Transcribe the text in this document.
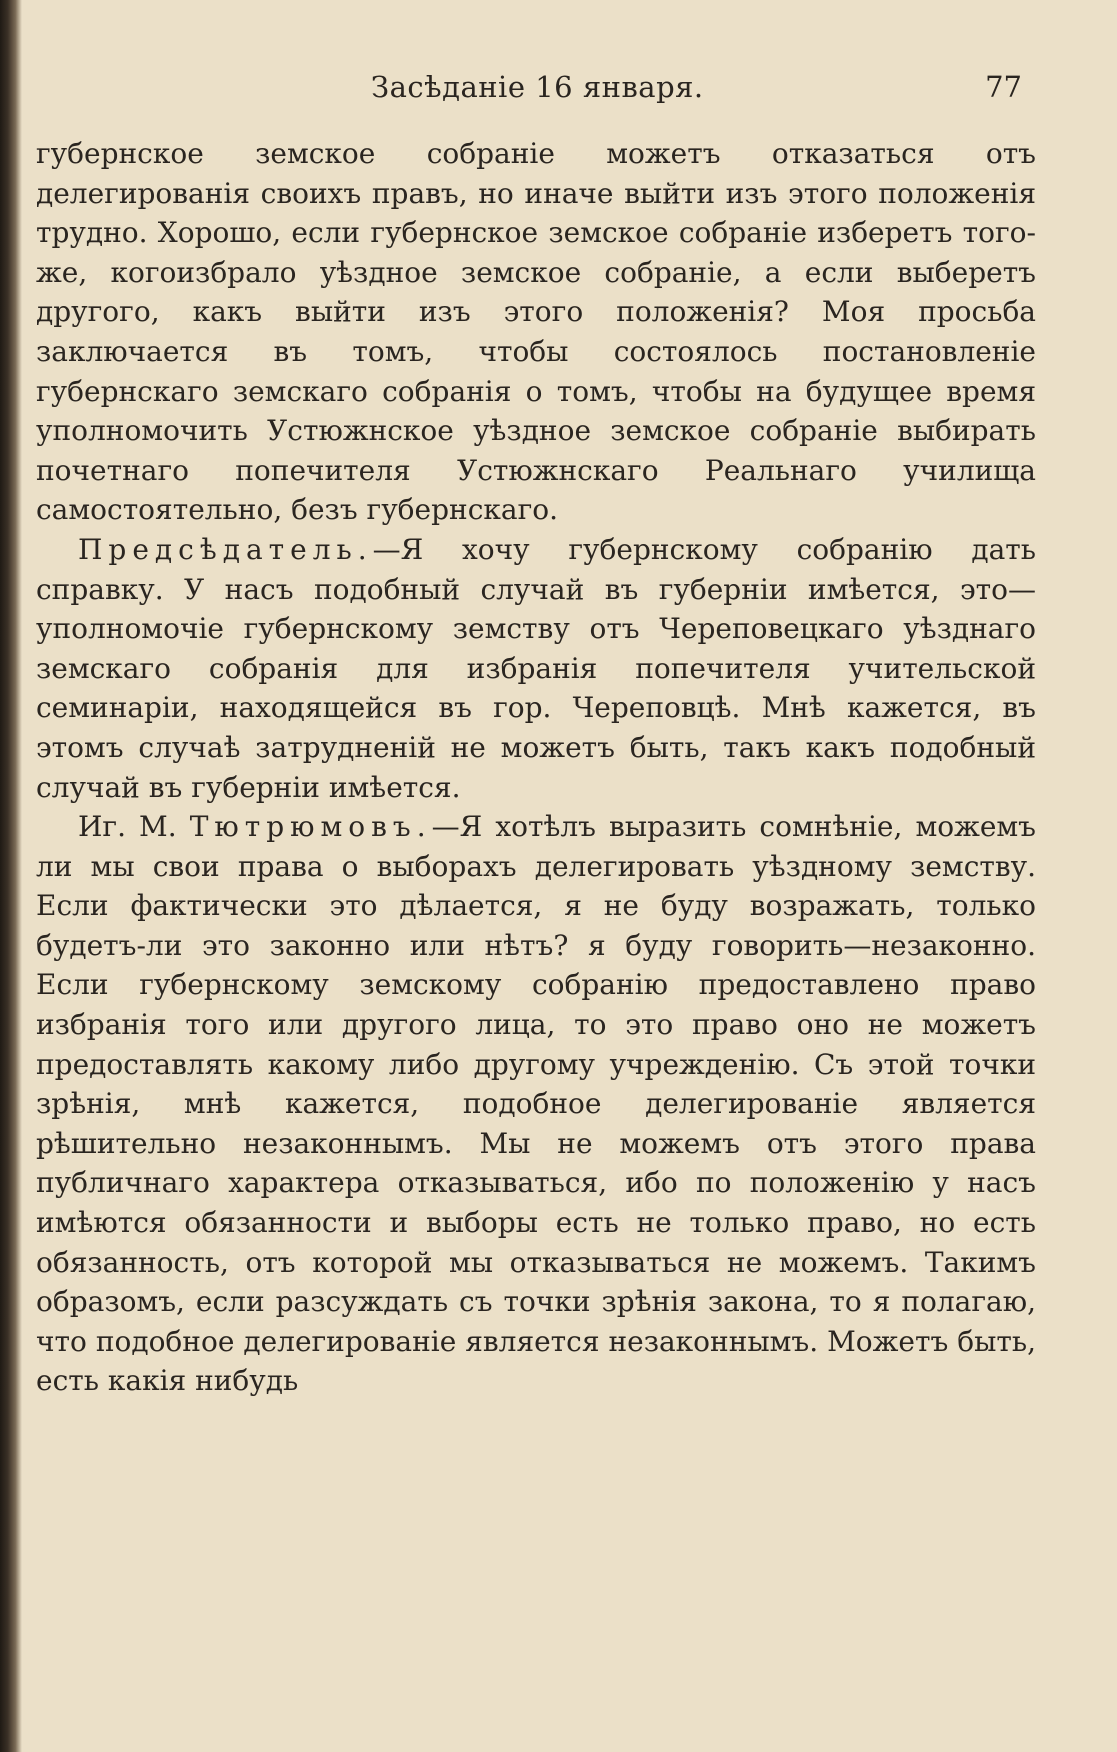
Засѣданіе 16 января.	77

губернское земское собраніе можетъ отказаться отъ делегированія своихъ правъ, но иначе выйти изъ этого положенія трудно. Хорошо, если губернское земское собраніе изберетъ того-же, когоизбрало уѣздное земское собраніе, а если выберетъ другого, какъ выйти изъ этого положенія? Моя просьба заключается въ томъ, чтобы состоялось постановленіе губернскаго земскаго собранія о томъ, чтобы на будущее время уполномочить Устюжнское уѣздное земское собраніе выбирать почетнаго попечителя Устюжнскаго Реальнаго училища самостоятельно, безъ губернскаго.

Предсѣдатель.—Я хочу губернскому собранію дать справку. У насъ подобный случай въ губерніи имѣется, это—уполномочіе губернскому земству отъ Череповецкаго уѣзднаго земскаго собранія для избранія попечителя учительской семинаріи, находящейся въ гор. Череповцѣ. Мнѣ кажется, въ этомъ случаѣ затрудненій не можетъ быть, такъ какъ подобный случай въ губерніи имѣется.

Иг. М. Тютрюмовъ.—Я хотѣлъ выразить сомнѣніе, можемъ ли мы свои права о выборахъ делегировать уѣздному земству. Если фактически это дѣлается, я не буду возражать, только будетъ-ли это законно или нѣтъ? я буду говорить—незаконно. Если губернскому земскому собранію предоставлено право избранія того или другого лица, то это право оно не можетъ предоставлять какому либо другому учрежденію. Съ этой точки зрѣнія, мнѣ кажется, подобное делегированіе является рѣшительно незаконнымъ. Мы не можемъ отъ этого права публичнаго характера отказываться, ибо по положенію у насъ имѣются обязанности и выборы есть не только право, но есть обязанность, отъ которой мы отказываться не можемъ. Такимъ образомъ, если разсуждать съ точки зрѣнія закона, то я полагаю, что подобное делегированіе является незаконнымъ. Можетъ быть, есть какія нибудь
